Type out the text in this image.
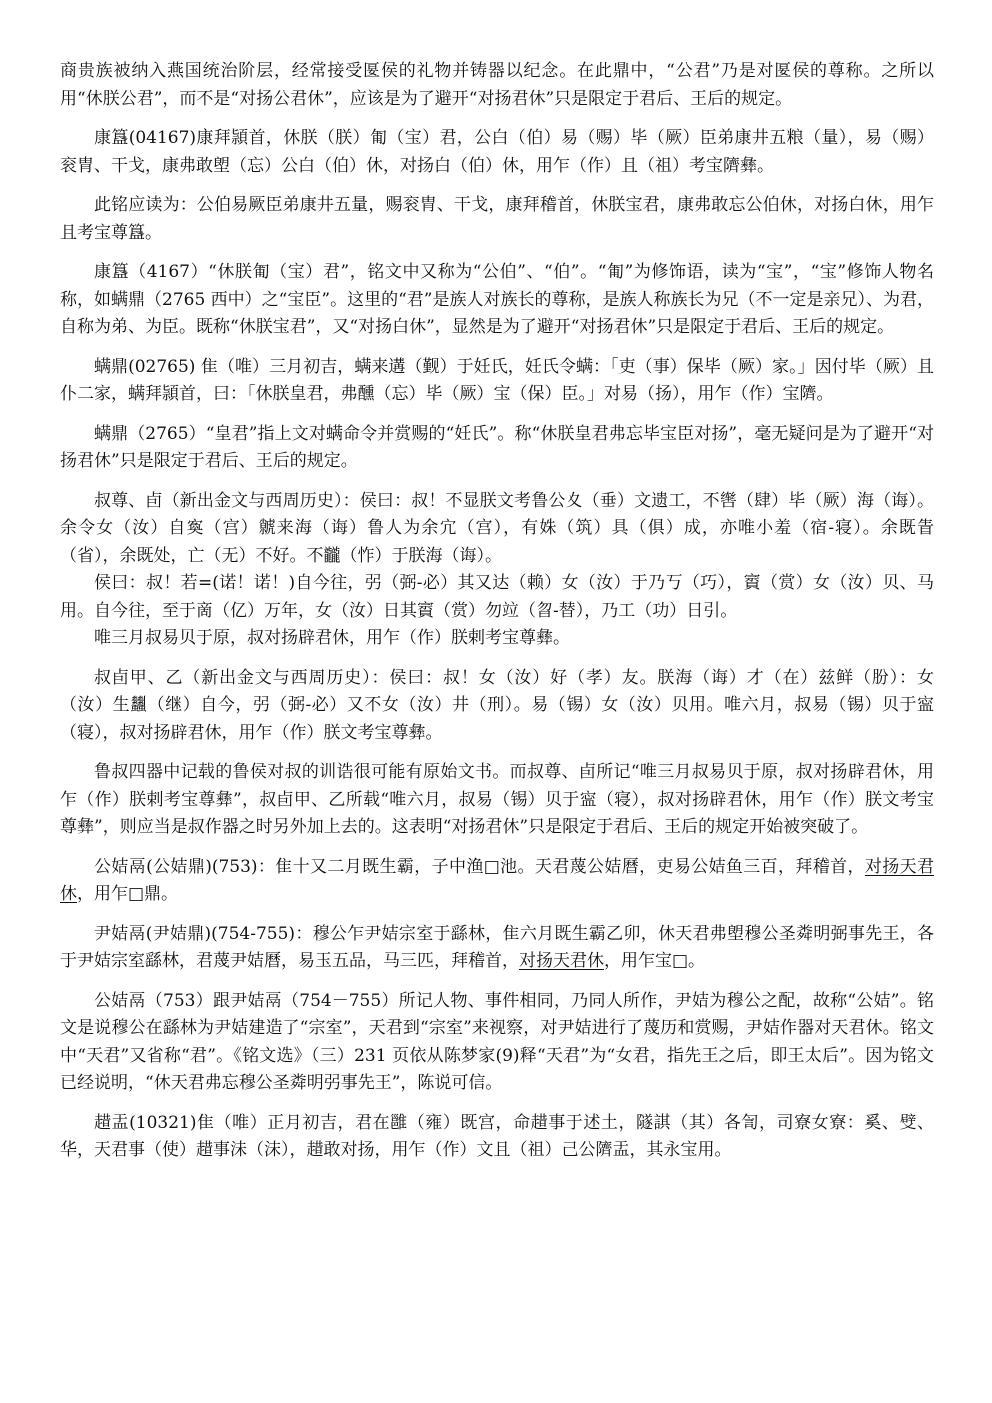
商贵族被纳入燕国统治阶层，经常接受匽侯的礼物并铸器以纪念。在此鼎中，“公君”乃是对匽侯的尊称。之所以用“休朕公君”，而不是“对扬公君休”，应该是为了避开“对扬君休”只是限定于君后、王后的规定。

康簋(04167)康拜頴首，休朕（朕）匍（宝）君，公白（伯）易（赐）毕（厥）臣弟康井五粮（量），易（赐）衮胄、干戈，康弗敢塱（忘）公白（伯）休，对扬白（伯）休，用乍（作）且（祖）考宝隮彝。

此铭应读为：公伯易厥臣弟康井五量，赐衮胄、干戈，康拜稽首，休朕宝君，康弗敢忘公伯休，对扬白休，用乍且考宝尊簋。

康簋（4167）“休朕匍（宝）君”，铭文中又称为“公伯”、“伯”。“匍”为修饰语，读为“宝”，“宝”修饰人物名称，如螨鼎（2765 西中）之“宝臣”。这里的“君”是族人对族长的尊称，是族人称族长为兄（不一定是亲兄）、为君，自称为弟、为臣。既称“休朕宝君”，又“对扬白休”，显然是为了避开“对扬君休”只是限定于君后、王后的规定。

螨鼎(02765) 隹（唯）三月初吉，螨来遘（觐）于妊氏，妊氏令螨：「吏（事）保毕（厥）家。」因付毕（厥）且仆二家，螨拜頴首，曰：「休朕皇君，弗醺（忘）毕（厥）宝（保）臣。」对易（扬），用乍（作）宝隮。

螨鼎（2765）“皇君”指上文对螨命令并赏赐的“妊氏”。称“休朕皇君弗忘毕宝臣对扬”，毫无疑问是为了避开“对扬君休”只是限定于君后、王后的规定。

叔尊、卣（新出金文与西周历史）：侯曰：叔！不显朕文考鲁公夊（垂）文遗工，不辔（肆）毕（厥）海（诲）。余令女（汝）自寏（宫）虩来海（诲）鲁人为余宂（宫），有姝（筑）具（俱）成，亦唯小羞（宿-寝）。余既眚（省），余既处，亡（无）不好。不龖（怍）于朕海（诲）。

侯曰：叔！若=(诺！诺！)自今往，弜（弼-必）其又达（赖）女（汝）于乃丂（巧），賨（赏）女（汝）贝、马用。自今往，至于啇（亿）万年，女（汝）日其賨（赏）勿竝（曶-替），乃工（功）日引。

唯三月叔易贝于原，叔对扬辟君休，用乍（作）朕剌考宝尊彝。

叔卣甲、乙（新出金文与西周历史）：侯曰：叔！女（汝）好（孝）友。朕海（诲）才（在）兹鲜（朌）：女（汝）生蠿（继）自今，弜（弼-必）又不女（汝）井（刑）。易（锡）女（汝）贝用。唯六月，叔易（锡）贝于寍（寝），叔对扬辟君休，用乍（作）朕文考宝尊彝。

鲁叔四器中记载的鲁侯对叔的训诰很可能有原始文书。而叔尊、卣所记“唯三月叔易贝于原，叔对扬辟君休，用乍（作）朕剌考宝尊彝”，叔卣甲、乙所载“唯六月，叔易（锡）贝于寍（寝），叔对扬辟君休，用乍（作）朕文考宝尊彝”，则应当是叔作器之时另外加上去的。这表明“对扬君休”只是限定于君后、王后的规定开始被突破了。

公姞鬲(公姞鼎)(753)：隹十又二月既生霸，子中渔□池。天君蔑公姞曆，吏易公姞鱼三百，拜稽首，对扬天君休，用乍□鼎。

尹姞鬲(尹姞鼎)(754-755)：穆公乍尹姞宗室于繇林，隹六月既生霸乙卯，休天君弗塱穆公圣粦明弼事先王，各于尹姞宗室繇林，君蔑尹姞曆，易玉五品，马三匹，拜稽首，对扬天君休，用乍宝□。

公姞鬲（753）跟尹姞鬲（754－755）所记人物、事件相同，乃同人所作，尹姞为穆公之配，故称“公姞”。铭文是说穆公在繇林为尹姞建造了“宗室”，天君到“宗室”来视察，对尹姞进行了蔑历和赏赐，尹姞作器对天君休。铭文中“天君”又省称“君”。《铭文选》（三）231 页依从陈梦家(9)释“天君”为“女君，指先王之后，即王太后”。因为铭文已经说明，“休天君弗忘穆公圣粦明弜事先王”，陈说可信。

趞盂(10321)隹（唯）正月初吉，君在雝（雍）既宫，命趞事于述土，隧諆（其）各訇，司寮女寮：奚、䢃、华，天君事（使）趞事沬（沫），趞敢对扬，用乍（作）文且（祖）己公隮盂，其永宝用。
